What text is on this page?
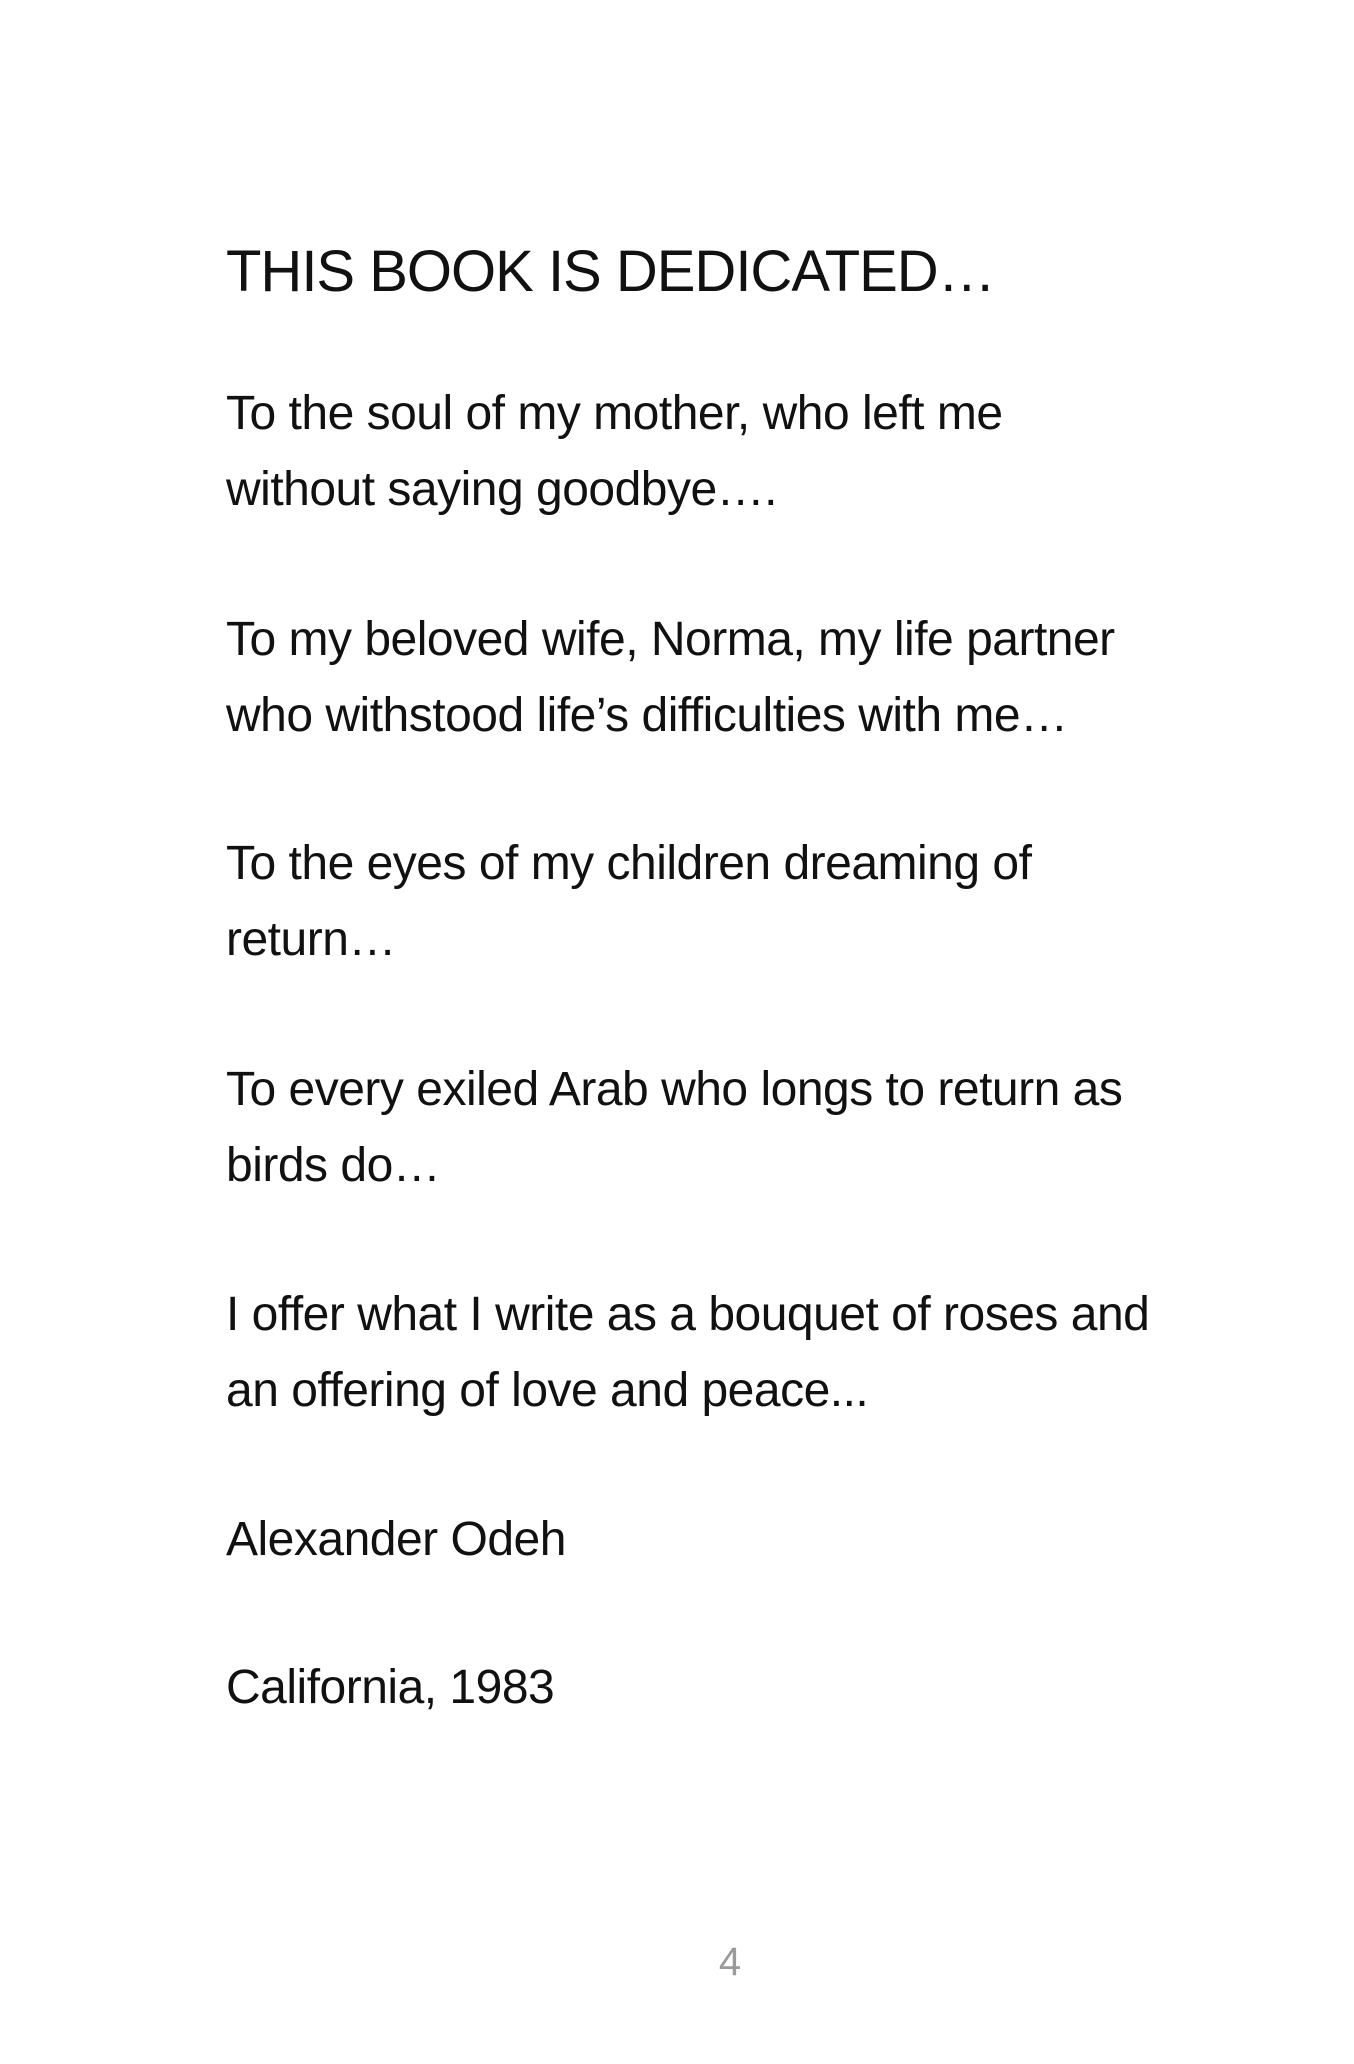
THIS BOOK IS DEDICATED…
To the soul of my mother, who left me
without saying goodbye….
To my beloved wife, Norma, my life partner
who withstood life’s difficulties with me…
To the eyes of my children dreaming of
return…
To every exiled Arab who longs to return as
birds do…
I offer what I write as a bouquet of roses and
an offering of love and peace...
Alexander Odeh
California, 1983
4
